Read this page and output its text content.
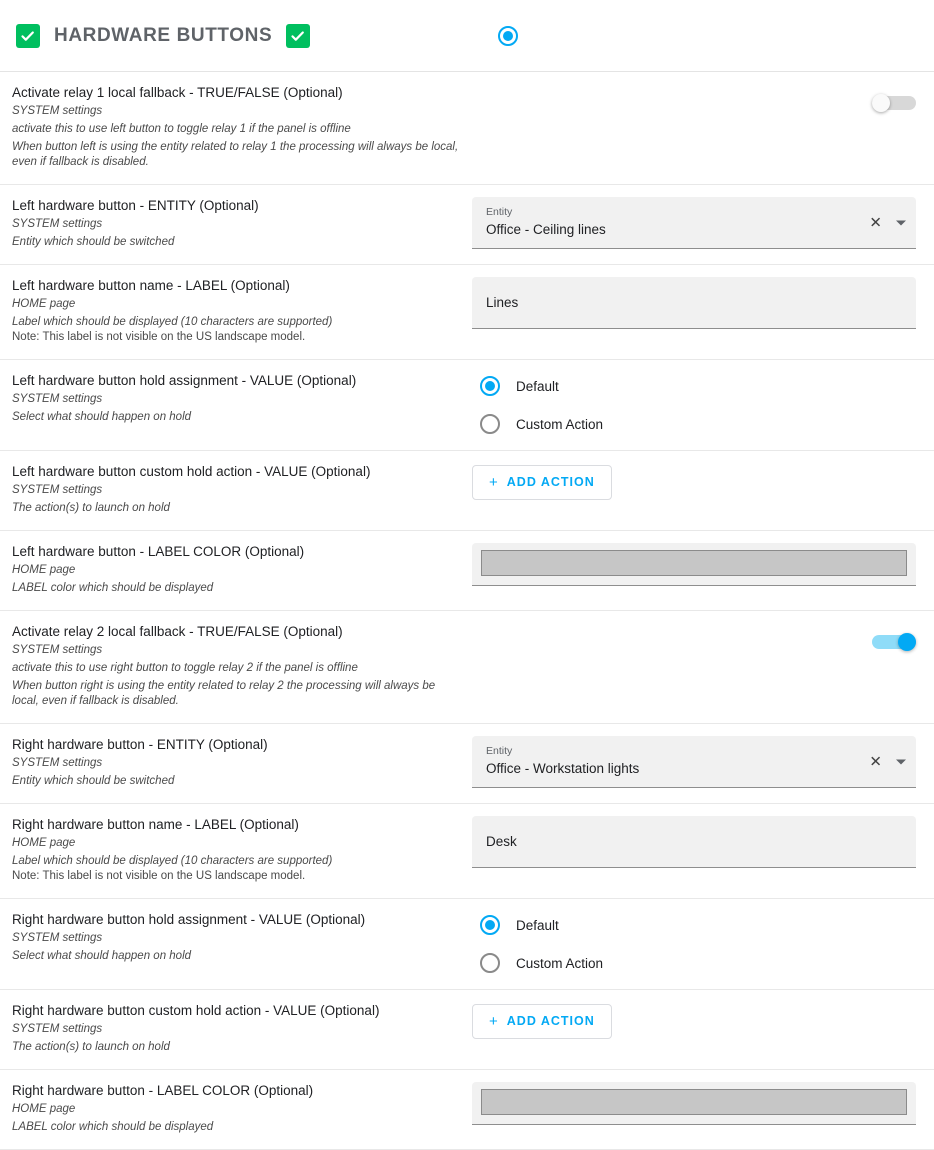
HARDWARE BUTTONS
Activate relay 1 local fallback - TRUE/FALSE (Optional)
SYSTEM settings
activate this to use left button to toggle relay 1 if the panel is offline
When button left is using the entity related to relay 1 the processing will always be local, even if fallback is disabled.
Left hardware button - ENTITY (Optional)
SYSTEM settings
Entity which should be switched
Entity
Office - Ceiling lines	✕
Left hardware button name - LABEL (Optional)
HOME page
Label which should be displayed (10 characters are supported)
Note: This label is not visible on the US landscape model.
Lines
Left hardware button hold assignment - VALUE (Optional)
SYSTEM settings
Select what should happen on hold
Default
Custom Action
Left hardware button custom hold action - VALUE (Optional)
SYSTEM settings
The action(s) to launch on hold
+ ADD ACTION
Left hardware button - LABEL COLOR (Optional)
HOME page
LABEL color which should be displayed
Activate relay 2 local fallback - TRUE/FALSE (Optional)
SYSTEM settings
activate this to use right button to toggle relay 2 if the panel is offline
When button right is using the entity related to relay 2 the processing will always be local, even if fallback is disabled.
Right hardware button - ENTITY (Optional)
SYSTEM settings
Entity which should be switched
Entity
Office - Workstation lights	✕
Right hardware button name - LABEL (Optional)
HOME page
Label which should be displayed (10 characters are supported)
Note: This label is not visible on the US landscape model.
Desk
Right hardware button hold assignment - VALUE (Optional)
SYSTEM settings
Select what should happen on hold
Default
Custom Action
Right hardware button custom hold action - VALUE (Optional)
SYSTEM settings
The action(s) to launch on hold
+ ADD ACTION
Right hardware button - LABEL COLOR (Optional)
HOME page
LABEL color which should be displayed
